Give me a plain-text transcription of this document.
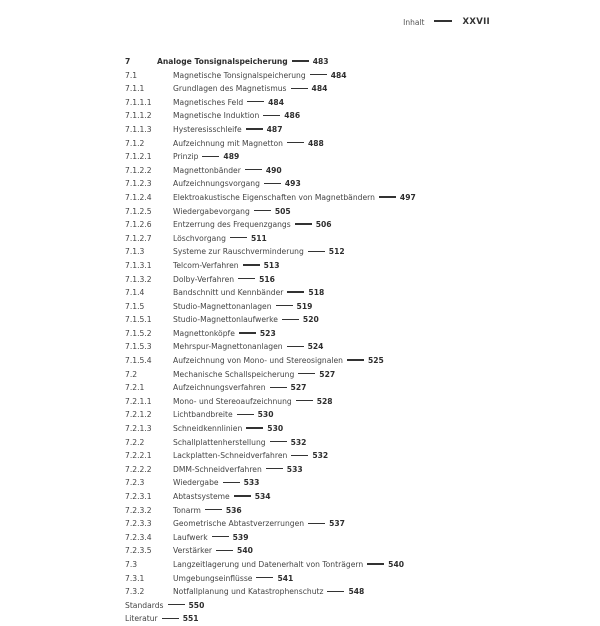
Inhalt	XXVII
7	Analoge Tonsignalspeicherung	483
7.1	Magnetische Tonsignalspeicherung	484
7.1.1	Grundlagen des Magnetismus	484
7.1.1.1	Magnetisches Feld	484
7.1.1.2	Magnetische Induktion	486
7.1.1.3	Hysteresisschleife	487
7.1.2	Aufzeichnung mit Magnetton	488
7.1.2.1	Prinzip	489
7.1.2.2	Magnettonbänder	490
7.1.2.3	Aufzeichnungsvorgang	493
7.1.2.4	Elektroakustische Eigenschaften von Magnetbändern	497
7.1.2.5	Wiedergabevorgang	505
7.1.2.6	Entzerrung des Frequenzgangs	506
7.1.2.7	Löschvorgang	511
7.1.3	Systeme zur Rauschverminderung	512
7.1.3.1	Telcom-Verfahren	513
7.1.3.2	Dolby-Verfahren	516
7.1.4	Bandschnitt und Kennbänder	518
7.1.5	Studio-Magnettonanlagen	519
7.1.5.1	Studio-Magnettonlaufwerke	520
7.1.5.2	Magnettonköpfe	523
7.1.5.3	Mehrspur-Magnettonanlagen	524
7.1.5.4	Aufzeichnung von Mono- und Stereosignalen	525
7.2	Mechanische Schallspeicherung	527
7.2.1	Aufzeichnungsverfahren	527
7.2.1.1	Mono- und Stereoaufzeichnung	528
7.2.1.2	Lichtbandbreite	530
7.2.1.3	Schneidkennlinien	530
7.2.2	Schallplattenherstellung	532
7.2.2.1	Lackplatten-Schneidverfahren	532
7.2.2.2	DMM-Schneidverfahren	533
7.2.3	Wiedergabe	533
7.2.3.1	Abtastsysteme	534
7.2.3.2	Tonarm	536
7.2.3.3	Geometrische Abtastverzerrungen	537
7.2.3.4	Laufwerk	539
7.2.3.5	Verstärker	540
7.3	Langzeitlagerung und Datenerhalt von Tonträgern	540
7.3.1	Umgebungseinflüsse	541
7.3.2	Notfallplanung und Katastrophenschutz	548
Standards	550
Literatur	551
